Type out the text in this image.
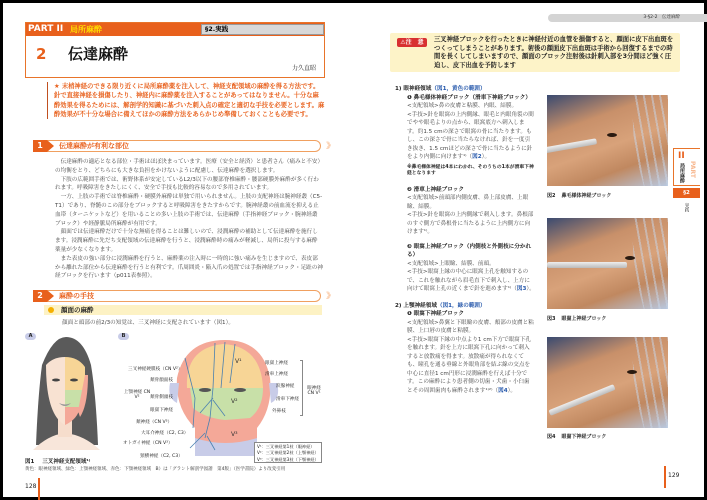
PART II 局所麻酔	§2.実践
2 伝達麻酔
力久直昭
★ 末梢神経のできる限り近くに局所麻酔薬を注入して、神経支配領域の麻酔を得る方法です。針で直接神経を損傷したり、神経内に麻酔薬を注入することがあってはなりません。十分な麻酔効果を得るためには、解剖学的知識に基づいた刺入点の確定と適切な手技を必要とします。麻酔効果が不十分な場合に備えてほかの麻酔方法をあらかじめ準備しておくことも必要です。
1	伝達麻酔が有利な部位	》》

伝達麻酔の適応となる部位・手術はほぼ決まっています。医療（安全と経済）と患者さん（痛みと不安）の均衡をとり、どちらにも大きな負担をかけないように配慮し、伝達麻酔を選択します。

下肢の広範囲手術では、術野体系が安定しているL2/3以下の腰部脊椎麻酔・腰部硬膜外麻酔が多く行われます。呼吸障害をきたしにくく、安全で手技も比較的容易なので多用されています。

一方、上肢の手術では脊椎麻酔・硬膜外麻酔は単独で用いられません。上肢の支配神経は腕神経叢（C5-T1）であり、脊髄のこの部分をブロックすると呼吸障害をきたすからです。腕神経叢の前血流を抑える止血帯（ターニケットなど）を用いることの多い上肢の手術では、伝達麻酔（手指神経ブロック・腕神経叢ブロック）や経静脈局所麻酔が有用です。

顔面では伝達麻酔だけで十分な無痛を得ることは難しいので、浸潤麻酔の補助として伝達麻酔を施行します。浸潤麻酔に先だち支配領域の伝達麻酔を行うと、浸潤麻酔時の痛みが軽減し、局所に投与する麻酔薬量が少なくなります。

また表皮の強い部分に浸潤麻酔を行うと、麻酔薬の注入時に一時的に強い痛みを生じますので、表皮部から離れた部位から伝達麻酔を行うと有利です。爪周囲炎・陥入爪の処置では手指神経ブロック・足趾の神経ブロックを行います（p011表参照）。

2	麻酔の手技	》》
顔面の麻酔
顔面と頭部の前2/3の知覚は、三叉神経に支配されています（図1）。
A	B
V¹
V²
V³
三叉神経硬膜枝（CN V²）
頬骨顔面枝
上顎神経 CN V²	頬骨側頭枝
眼窩下神経
頬神経（CN V³）
大耳介神経（C2, C3）
オトガイ神経（CN V³）
頸横神経（C2, C3）
眼窩上神経
滑車上神経
涙腺神経
滑車下神経
外鼻枝
眼神経 CN V¹
V¹：三叉神経第1枝（眼神経）
V²：三叉神経第2枝（上顎神経）
V³：三叉神経第3枝（下顎神経）
図1 三叉神経支配領域¹⁾
黄色：眼神経領域、緑色：上顎神経領域、赤色：下顎神経領域　B）は「グラント解剖学図譜　第4版」（医学書院）より改変引用
128
3-§2-2　伝達麻酔
⚠注　意	三叉神経ブロックを行ったときに神経付近の血管を損傷すると、顔面に皮下出血斑をつくってしまうことがあります。術後の顔面皮下出血斑は手術から回復するまでの時間を長くしてしまいますので、顔面のブロック注射後は針刺入部を3分間ほど強く圧迫し、皮下出血を予防します
1) 眼神経領域（図1，黄色の範囲）
❶ 鼻毛様体神経ブロック（滑車下神経ブロック）
<支配領域>鼻の皮膚と粘膜、内眼、結膜。
<手技>針を眼窩の上内側縁、眼毛と内眼角裂の間でやや眼毛よりの点から、眼窩底方へ刺入します。約1.5 cmの深さで眼窩の骨に当たります。もし、この深さで骨に当たらなければ、針を一度引き抜き、1.5 cmほどの深さで骨に当たるように針をより内側に向けます¹⁾（図2）。
※鼻毛様体神経は4本にわかれ、そのうちの1本が滑車下神経となります
❷ 滑車上神経ブロック
<支配領域>前頭部内側皮膚、鼻上部皮膚、上眼瞼、結膜。
<手技>針を眼窩の上内側縁で刺入します。鼻根部のすぐ側方で鼻根骨に当たるように上内側方に向けます¹⁾。
❸ 眼窩上神経ブロック（内側枝と外側枝に分かれる）
<支配領域>上眼瞼、結膜、前頭。
<手技>眼窩上縁の中心に眼窩上孔を触知するので、これを触れながら眉毛直下で刺入し、上方に向けて眼窩上孔の近くまで針を進めます¹⁾（図3）。
2) 上顎神経領域（図1，緑の範囲）
❶ 眼窩下神経ブロック
<支配領域>鼻翼と下眼瞼の皮膚、頬部の皮膚と粘膜、上口唇の皮膚と粘膜。
<手技>眼窩下縁の中点より1 cm下方で眼窩下孔を触れます。針を上方に眼窩下孔に向かって刺入すると放散痛を得ます。放散痛が得られなくても、瞳孔を通る垂線と外眼角部を結ぶ線の交点を中心に直径1 cm円形に浸潤麻酔を行えば十分です。この麻酔により患者側の切歯・犬歯・小臼歯とその周囲歯肉も麻酔されます¹⁾²⁾（図4）。
図2 鼻毛様体神経ブロック
図3 眼窩上神経ブロック
図4 眼窩下神経ブロック
II
局所麻酔 PART
§2
実践
129
